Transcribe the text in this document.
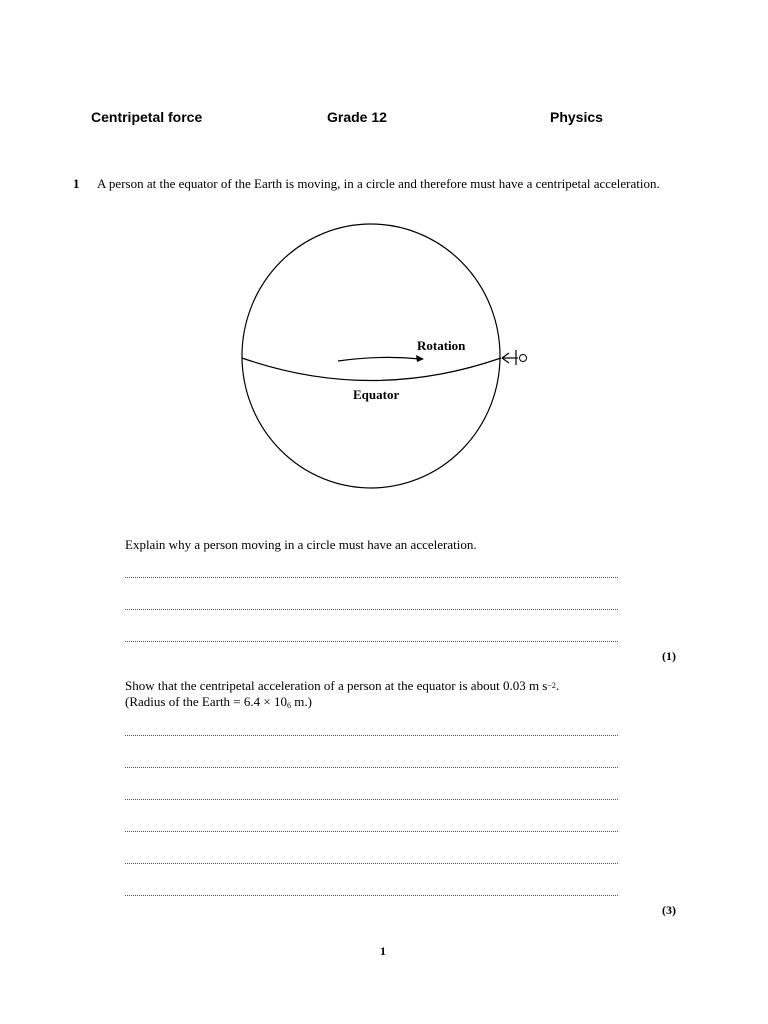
Centripetal force	Grade 12	Physics
1 A person at the equator of the Earth is moving, in a circle and therefore must have a centripetal acceleration.
Rotation
Equator
Explain why a person moving in a circle must have an acceleration.
(1)
Show that the centripetal acceleration of a person at the equator is about 0.03 m s−2.
(Radius of the Earth = 6.4 × 106 m.)
(3)
1
